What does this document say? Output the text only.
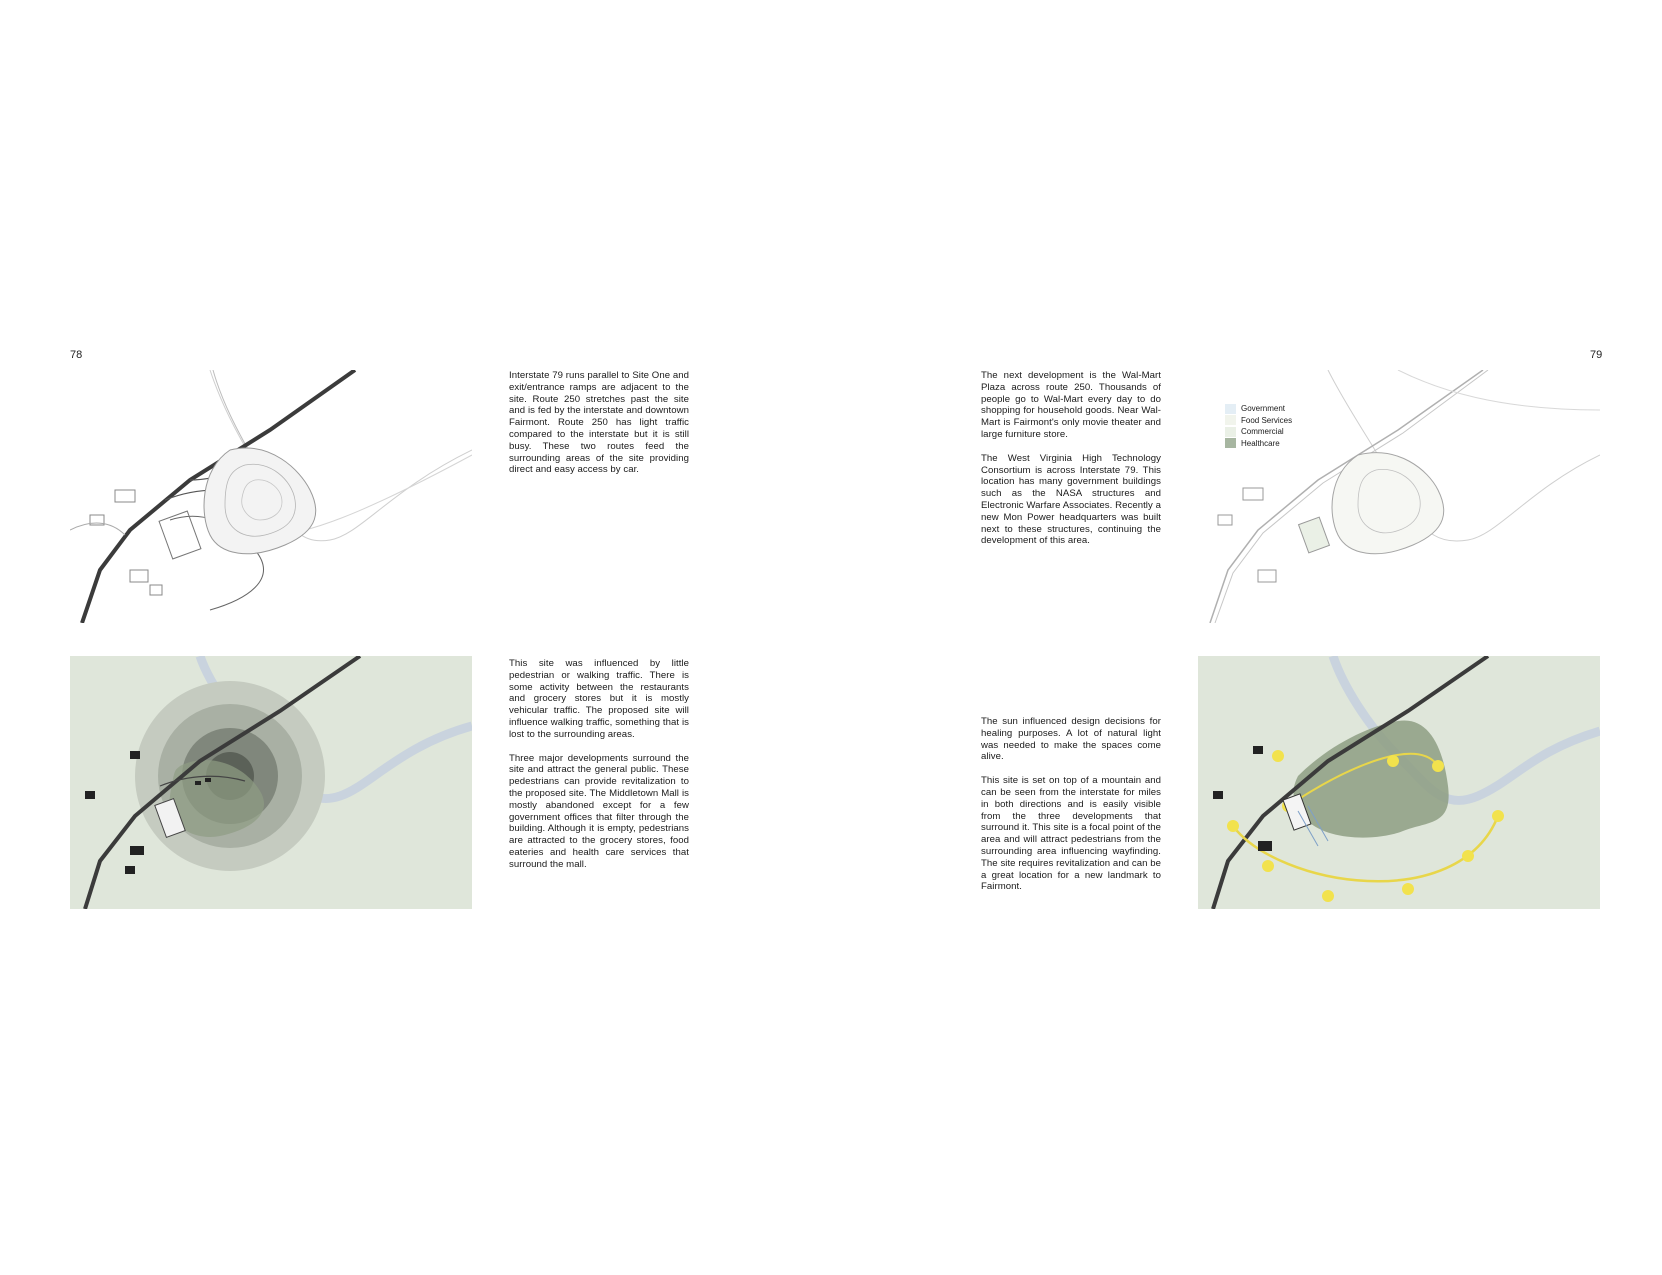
78	79
Government
Food Services
Commercial
Healthcare

Interstate 79 runs parallel to Site One and exit/entrance ramps are adjacent to the site. Route 250 stretches past the site and is fed by the interstate and downtown Fairmont. Route 250 has light traffic compared to the interstate but it is still busy. These two routes feed the surrounding areas of the site providing direct and easy access by car.

This site was influenced by little pedestrian or walking traffic. There is some activity between the restaurants and grocery stores but it is mostly vehicular traffic. The proposed site will influence walking traffic, something that is lost to the surrounding areas.

Three major developments surround the site and attract the general public. These pedestrians can provide revitalization to the proposed site. The Middletown Mall is mostly abandoned except for a few government offices that filter through the building. Although it is empty, pedestrians are attracted to the grocery stores, food eateries and health care services that surround the mall.

The next development is the Wal-Mart Plaza across route 250. Thousands of people go to Wal-Mart every day to do shopping for household goods. Near Wal-Mart is Fairmont's only movie theater and large furniture store.

The West Virginia High Technology Consortium is across Interstate 79. This location has many government buildings such as the NASA structures and Electronic Warfare Associates. Recently a new Mon Power headquarters was built next to these structures, continuing the development of this area.

The sun influenced design decisions for healing purposes. A lot of natural light was needed to make the spaces come alive.

This site is set on top of a mountain and can be seen from the interstate for miles in both directions and is easily visible from the three developments that surround it. This site is a focal point of the area and will attract pedestrians from the surrounding area influencing wayfinding. The site requires revitalization and can be a great location for a new landmark to Fairmont.
